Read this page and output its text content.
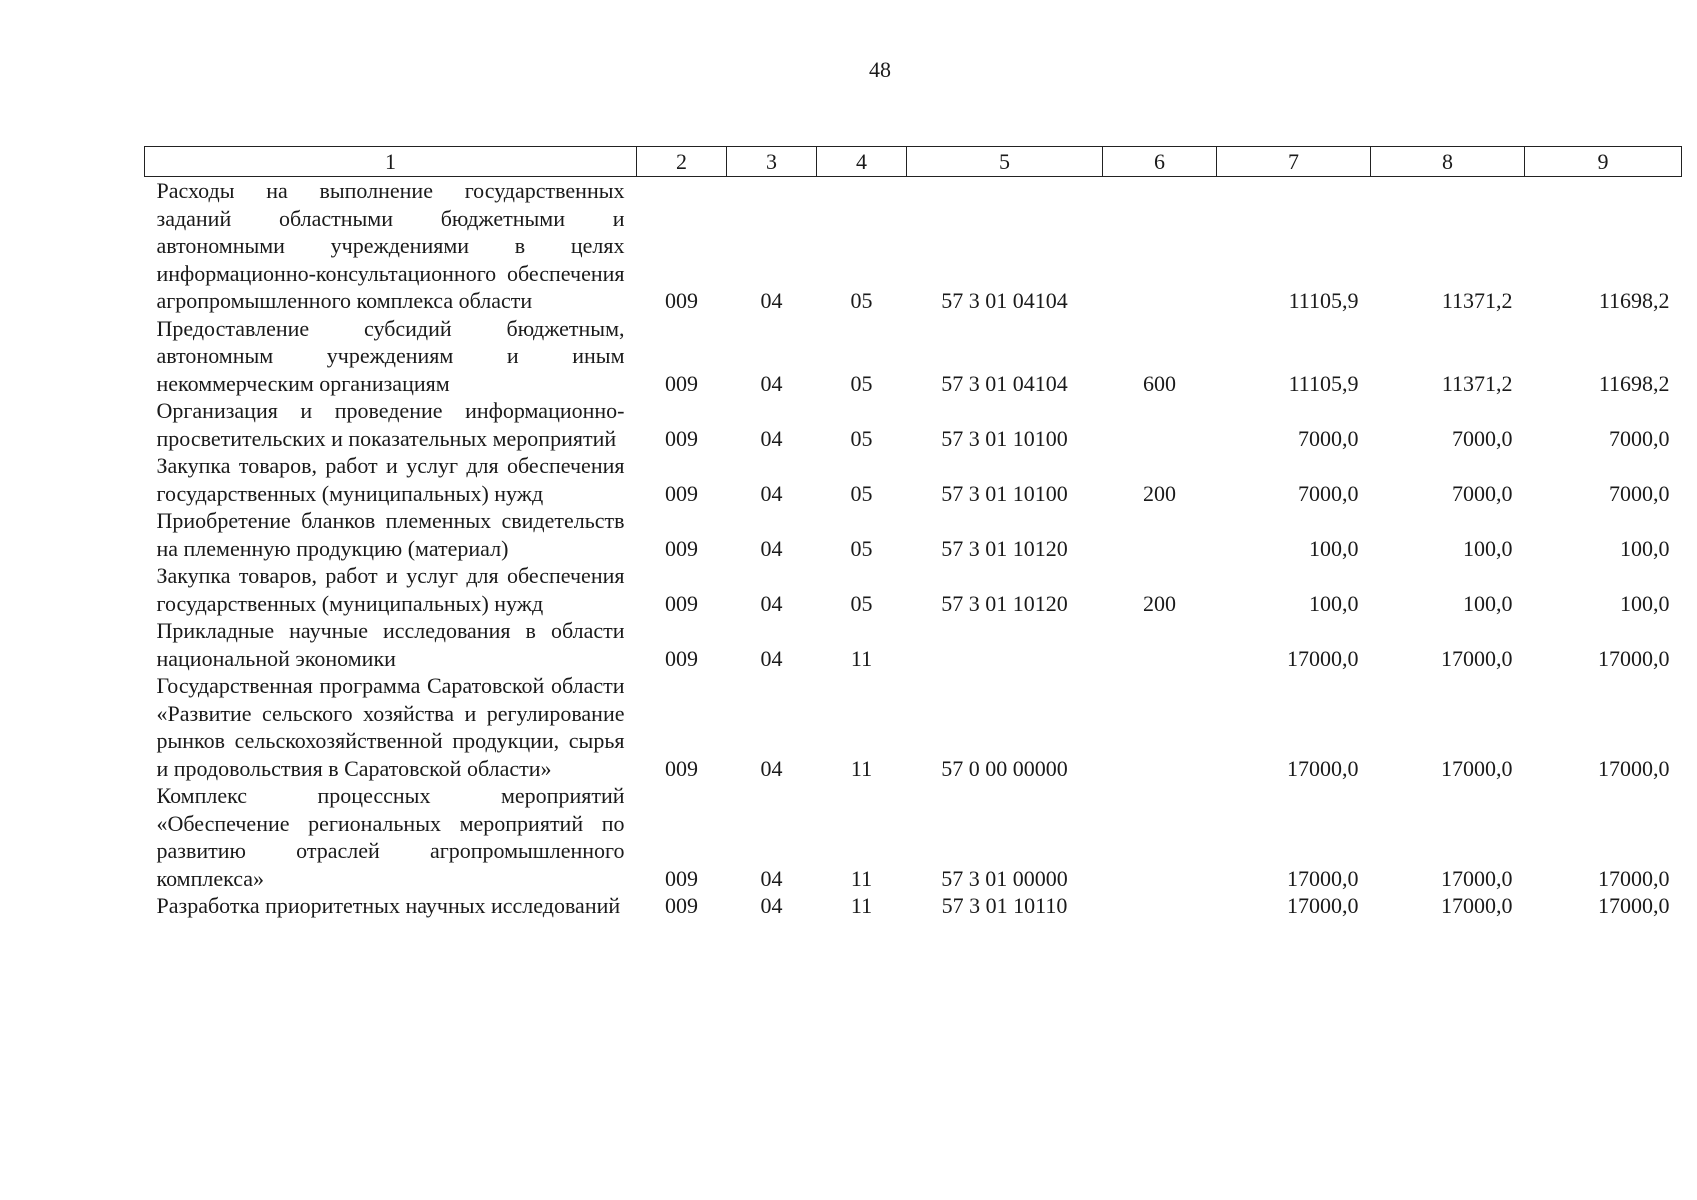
48
1	2	3	4	5	6	7	8	9
Расходы на выполнение государственных заданий областными бюджетными и автономными учреждениями в целях информационно-консультационного обеспечения агропромышленного комплекса области	009	04	05	57 3 01 04104		11105,9	11371,2	11698,2
Предоставление субсидий бюджетным, автономным учреждениям и иным некоммерческим организациям	009	04	05	57 3 01 04104	600	11105,9	11371,2	11698,2
Организация и проведение информационно-просветительских и показательных мероприятий	009	04	05	57 3 01 10100		7000,0	7000,0	7000,0
Закупка товаров, работ и услуг для обеспечения государственных (муниципальных) нужд	009	04	05	57 3 01 10100	200	7000,0	7000,0	7000,0
Приобретение бланков племенных свидетельств на племенную продукцию (материал)	009	04	05	57 3 01 10120		100,0	100,0	100,0
Закупка товаров, работ и услуг для обеспечения государственных (муниципальных) нужд	009	04	05	57 3 01 10120	200	100,0	100,0	100,0
Прикладные научные исследования в области национальной экономики	009	04	11			17000,0	17000,0	17000,0
Государственная программа Саратовской области «Развитие сельского хозяйства и регулирование рынков сельскохозяйственной продукции, сырья и продовольствия в Саратовской области»	009	04	11	57 0 00 00000		17000,0	17000,0	17000,0
Комплекс процессных мероприятий «Обеспечение региональных мероприятий по развитию отраслей агропромышленного комплекса»	009	04	11	57 3 01 00000		17000,0	17000,0	17000,0
Разработка приоритетных научных исследований	009	04	11	57 3 01 10110		17000,0	17000,0	17000,0
